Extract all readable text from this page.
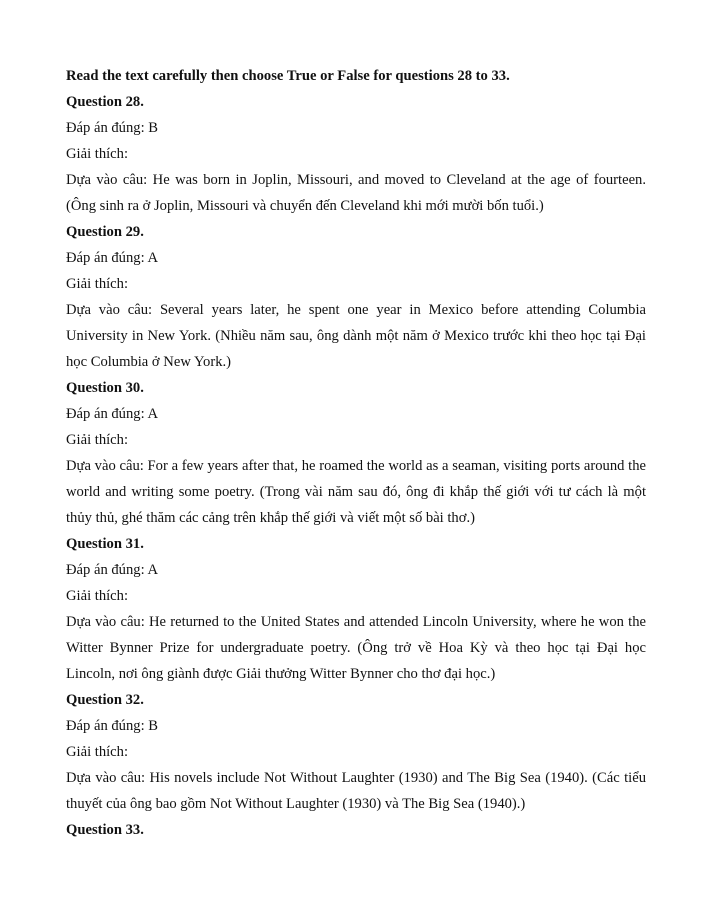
Read the text carefully then choose True or False for questions 28 to 33.
Question 28.
Đáp án đúng: B
Giải thích:

Dựa vào câu: He was born in Joplin, Missouri, and moved to Cleveland at the age of fourteen. (Ông sinh ra ở Joplin, Missouri và chuyển đến Cleveland khi mới mười bốn tuổi.)

Question 29.
Đáp án đúng: A
Giải thích:

Dựa vào câu: Several years later, he spent one year in Mexico before attending Columbia University in New York. (Nhiều năm sau, ông dành một năm ở Mexico trước khi theo học tại Đại học Columbia ở New York.)

Question 30.
Đáp án đúng: A
Giải thích:

Dựa vào câu: For a few years after that, he roamed the world as a seaman, visiting ports around the world and writing some poetry. (Trong vài năm sau đó, ông đi khắp thế giới với tư cách là một thủy thủ, ghé thăm các cảng trên khắp thế giới và viết một số bài thơ.)

Question 31.
Đáp án đúng: A
Giải thích:

Dựa vào câu: He returned to the United States and attended Lincoln University, where he won the Witter Bynner Prize for undergraduate poetry. (Ông trở về Hoa Kỳ và theo học tại Đại học Lincoln, nơi ông giành được Giải thưởng Witter Bynner cho thơ đại học.)

Question 32.
Đáp án đúng: B
Giải thích:

Dựa vào câu: His novels include Not Without Laughter (1930) and The Big Sea (1940). (Các tiểu thuyết của ông bao gồm Not Without Laughter (1930) và The Big Sea (1940).)

Question 33.
